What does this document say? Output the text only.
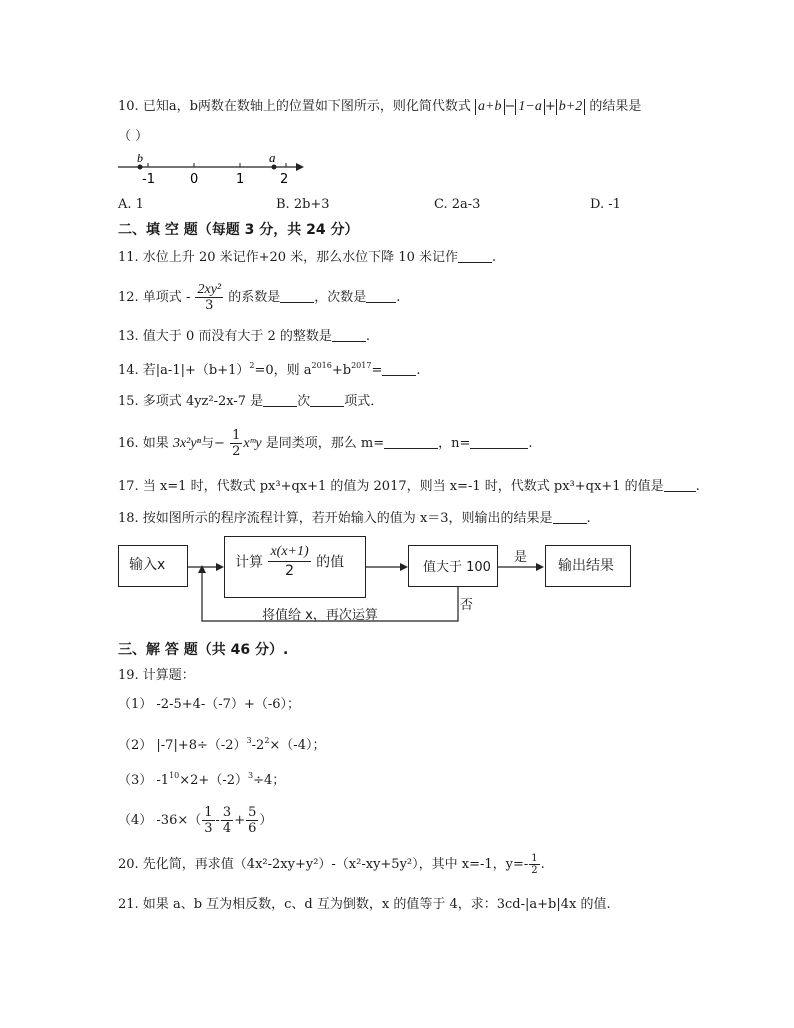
10. 已知a，b两数在数轴上的位置如下图所示，则化简代数式 a+b − 1−a + b+2 的结果是
（ ）
b	a
-1	0	1	2
A. 1	B. 2b+3	C. 2a-3	D. -1
二、填 空 题（每题 3 分，共 24 分）
11. 水位上升 20 米记作+20 米，那么水位下降 10 米记作	.
12. 单项式 - $\frac{\text{2xy²}}{3}$ 的系数是	，次数是 .
13. 值大于 0 而没有大于 2 的整数是	.
14. 若$|a-1|+(b+1)^2=0$，则 $a^{2016}+b^{2017}=$	.
15. 多项式 4yz²-2x-7 是	次	项式．
16. 如果 3x²yⁿ与− $\frac{1}{2}$ xᵐy 是同类项，那么 m=	，n=	.
17. 当 x=1 时，代数式 px³+qx+1 的值为 2017，则当 x=-1 时，代数式 px³+qx+1 的值是 .
18. 按如图所示的程序流程计算，若开始输入的值为 x＝3，则输出的结果是	.
输入x	计算 $\frac{x(x+1)}{2}$ 的值	值大于 100
是
输出结果
否
将值给 x，再次运算
三、解 答 题（共 46 分）.
19. 计算题：
（1） -2-5+4-（-7）+（-6）；
（2） $|-7|+8\div(-2)^3-2^2\times(-4)$；
（3） $-1^{10}\times 2+(-2)^3\div 4$；
（4） $-36\times( \frac{1}{3} - \frac{3}{4} + \frac{5}{6}$ ）
20. 先化简，再求值（4x²-2xy+y²）-（x²-xy+5y²），其中 x=-1，$y=- \frac{1}{2}$ .
21. 如果 a、b 互为相反数，c、d 互为倒数，x 的值等于 4，求：3cd-|a+b|4x 的值.
